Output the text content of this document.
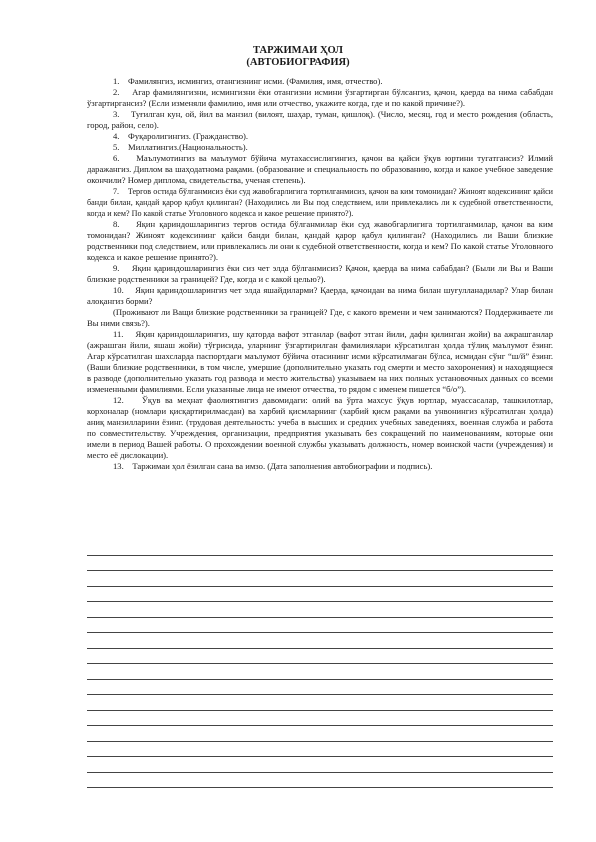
ТАРЖИМАИ ҲОЛ
(АВТОБИОГРАФИЯ)

1. Фамилянгиз, исмингиз, отангизнинг исми. (Фамилия, имя, отчество).

2. Агар фамилянгизни, исмингизни ёки отангизни исмини ўзгартирган бўлсангиз, қачон, қаерда ва нима сабабдан ўзгартиргансиз? (Если изменяли фамилию, имя или отчество, укажите когда, где и по какой причине?).

3. Туғилган кун, ой, йил ва манзил (вилоят, шаҳар, туман, қишлоқ). (Число, месяц, год и место рождения (область, город, район, село).

4. Фуқаролигингиз. (Гражданство).

5. Миллатингиз.(Национальность).

6. Маълумотингиз ва маълумот бўйича мутахассислигингиз, қачон ва қайси ўқув юртини тугатгансиз? Илмий даражангиз. Диплом ва шаҳодатнома рақами. (образование и специальность по образованию, когда и какое учебное заведение окончили? Номер диплома, свидетельства, ученая степень).

7. Тергов остида бўлганмисиз ёки суд жавобгарлигига тортилганмисиз, қачон ва ким томонидан? Жиноят кодексининг қайси банди билан, қандай қарор қабул қилинган? (Находились ли Вы под следствием, или привлекались ли к судебной ответственности, когда и кем? По какой статье Уголовного кодекса и какое решение принято?).

8. Яқин қариндошларингиз тергов остида бўлганмилар ёки суд жавобгарлигига тортилганмилар, қачон ва ким томонидан? Жиноят кодексининг қайси банди билан, қандай қарор қабул қилинган? (Находились ли Ваши близкие родственники под следствием, или привлекались ли они к судебной ответственности, когда и кем? По какой статье Уголовного кодекса и какое решение принято?).

9. Яқин қариндошларингиз ёки сиз чет элда бўлганмисиз? Қачон, қаерда ва нима сабабдан? (Были ли Вы и Ваши близкие родственники за границей? Где, когда и с какой целью?).

10. Яқин қариндошларингиз чет элда яшайдиларми? Қаерда, қачондан ва нима билан шуғулланадилар? Улар билан алоқангиз борми?

(Проживают ли Ващи близкие родственники за границей? Где, с какого времени и чем занимаются? Поддерживаете ли Вы ними связь?).

11. Яқин қариндошларингиз, шу қаторда вафот этганлар (вафот этган йили, дафн қилинган жойи) ва ажрашганлар (ажрашган йили, яшаш жойи) тўғрисида, уларнинг ўзгартирилган фамилиялари кўрсатилган ҳолда тўлиқ маълумот ёзинг. Агар кўрсатилган шахсларда паспортдаги маълумот бўйича отасининг исми кўрсатилмаган бўлса, исмидан сўнг “ш/й” ёзинг. (Ваши близкие родственники, в том числе, умершие (дополнительно указать год смерти и место захоронения) и находящиеся в разводе (дополнительно указать год развода и место жительства) указываем на них полных установочных данных со всеми измененными фамилиями. Если указанные лица не имеют отчества, то рядом с именем пишется “б/о”).

12. Ўқув ва меҳнат фаолиятингиз давомидаги: олий ва ўрта махсус ўқув юртлар, муассасалар, ташкилотлар, корхоналар (номлари қисқартирилмасдан) ва харбий қисмларнинг (харбий қисм рақами ва унвонингиз кўрсатилган ҳолда) аниқ манзилларини ёзинг. (трудовая деятельность: учеба в высших и средних учебных заведениях, военная служба и работа по совместительству. Учреждения, организации, предприятия указывать без сокращений по наименованиям, которые они имели в период Вашей работы. О прохождении военной службы указывать должность, номер воинской части (учреждения) и место её дислокации).

13. Таржимаи ҳол ёзилган сана ва имзо. (Дата заполнения автобиографии и подпись).
